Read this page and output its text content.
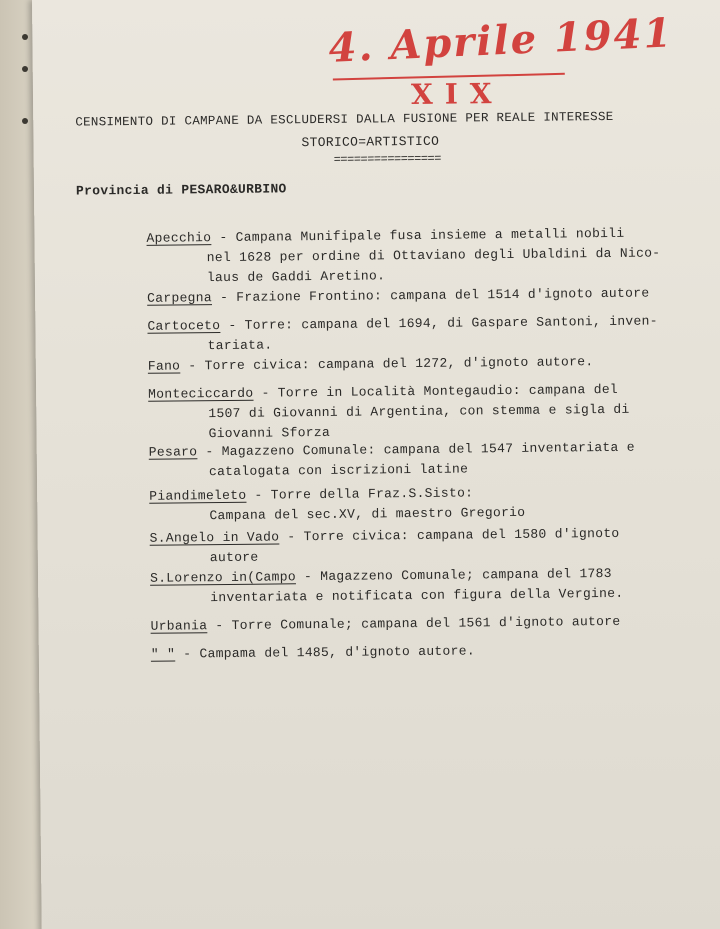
4. Aprile 1941
XIX
CENSIMENTO DI CAMPANE DA ESCLUDERSI DALLA FUSIONE PER REALE INTERESSE
STORICO=ARTISTICO
================
Provincia di PESARO&URBINO
Apecchio - Campana Munifipale fusa insieme a metalli nobili
nel 1628 per ordine di Ottaviano degli Ubaldini da Nico-
laus de Gaddi Aretino.
Carpegna - Frazione Frontino: campana del 1514 d'ignoto autore
Cartoceto - Torre: campana del 1694, di Gaspare Santoni, inven-
tariata.
Fano - Torre civica: campana del 1272, d'ignoto autore.
Monteciccardo - Torre in Località Montegaudio: campana del
1507 di Giovanni di Argentina, con stemma e sigla di
Giovanni Sforza
Pesaro - Magazzeno Comunale: campana del 1547 inventariata e
catalogata con iscrizioni latine
Piandimeleto - Torre della Fraz.S.Sisto:
Campana del sec.XV, di maestro Gregorio
S.Angelo in Vado - Torre civica: campana del 1580 d'ignoto
autore
S.Lorenzo in(Campo - Magazzeno Comunale; campana del 1783
inventariata e notificata con figura della Vergine.
Urbania - Torre Comunale; campana del 1561 d'ignoto autore
" " - Campama del 1485, d'ignoto autore.
